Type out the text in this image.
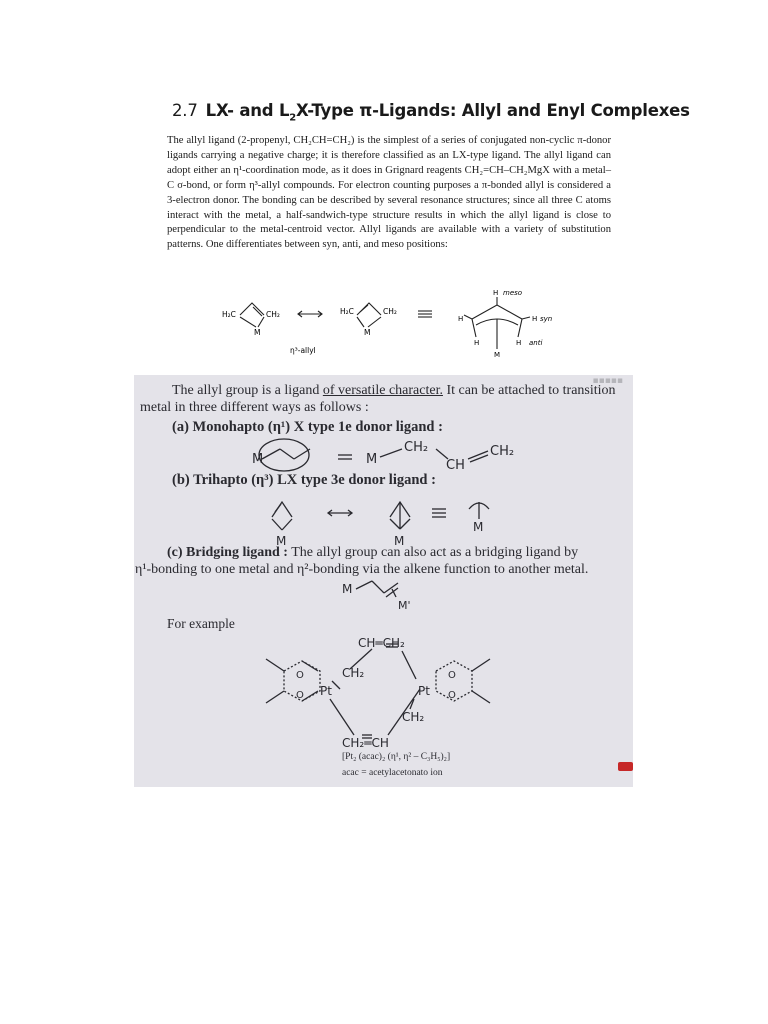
2.7 LX- and $L_2X$-Type π-Ligands: Allyl and Enyl Complexes

The allyl ligand (2-propenyl, CH₂CH=CH₂) is the simplest of a series of conjugated non-cyclic π-donor ligands carrying a negative charge; it is therefore classified as an LX-type ligand. The allyl ligand can adopt either an η¹-coordination mode, as it does in Grignard reagents CH₂=CH–CH₂MgX with a metal–C σ-bond, or form η³-allyl compounds. For electron counting purposes a π-bonded allyl is considered a 3-electron donor. The bonding can be described by several resonance structures; since all three C atoms interact with the metal, a half-sandwich-type structure results in which the allyl ligand is close to perpendicular to the metal-centroid vector. Allyl ligands are available with a variety of substitution patterns. One differentiates between syn, anti, and meso positions:

H₂C	CH₂
M
H₂C	CH₂
M
η³-allyl
H meso
H	H syn
H	H anti
M
▪▪▪▪▪
The allyl group is a ligand of versatile character. It can be attached to transition
metal in three different ways as follows :
(a) Monohapto (η¹) X type 1e donor ligand :
(b) Trihapto (η³) LX type 3e donor ligand :
(c) Bridging ligand : The allyl group can also act as a bridging ligand by
η¹-bonding to one metal and η²-bonding via the alkene function to another metal.
For example
M	M
CH₂
CH
CH₂
M	M
M
M
M'
CH═CH₂
CH₂
Pt	Pt
CH₂
CH₂═CH
O
O
O
O
[Pt₂ (acac)₂ (η¹, η² – C₃H₅)₂]
acac = acetylacetonato ion
